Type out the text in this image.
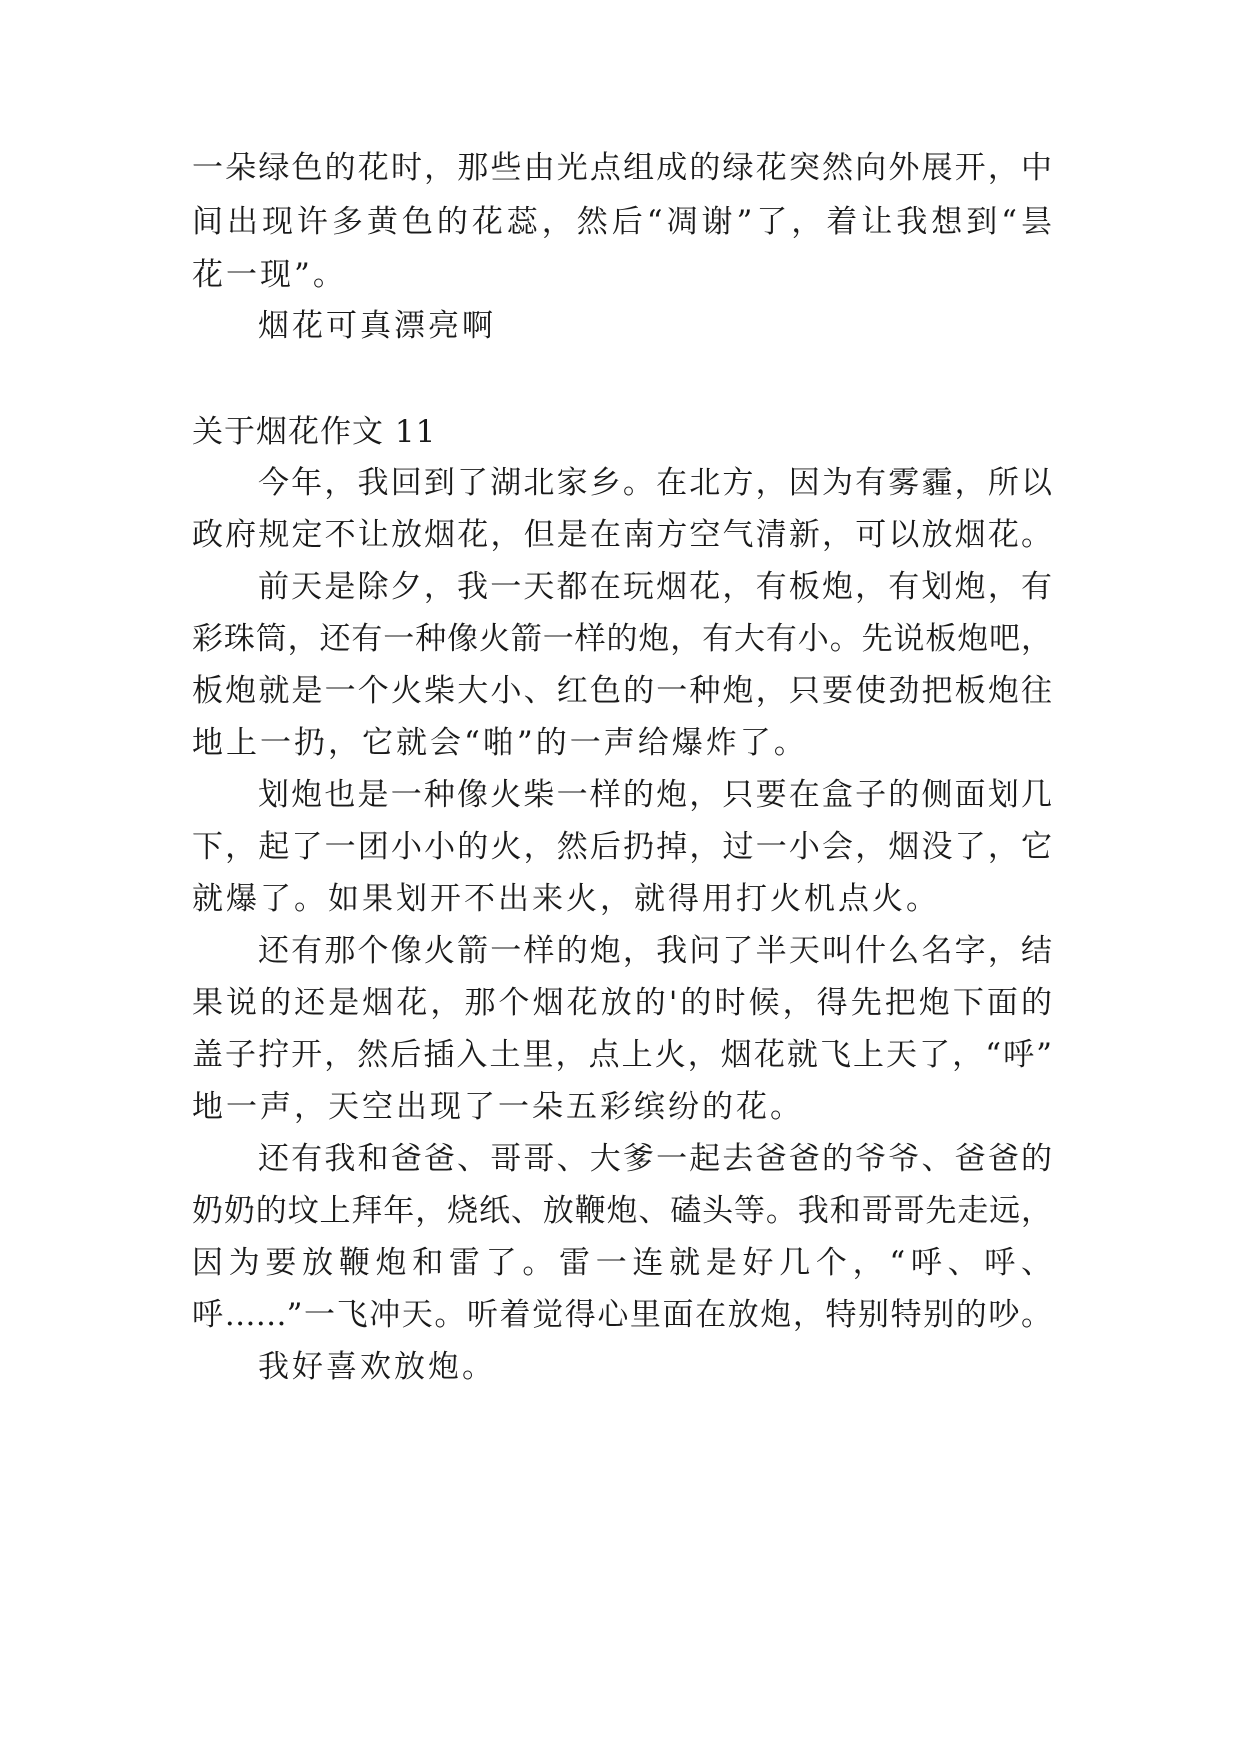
一朵绿色的花时，那些由光点组成的绿花突然向外展开，中
间出现许多黄色的花蕊，然后“凋谢”了，着让我想到“昙
花一现”。
烟花可真漂亮啊
关于烟花作文 11
今年，我回到了湖北家乡。在北方，因为有雾霾，所以
政府规定不让放烟花，但是在南方空气清新，可以放烟花。
前天是除夕，我一天都在玩烟花，有板炮，有划炮，有
彩珠筒，还有一种像火箭一样的炮，有大有小。先说板炮吧，
板炮就是一个火柴大小、红色的一种炮，只要使劲把板炮往
地上一扔，它就会“啪”的一声给爆炸了。
划炮也是一种像火柴一样的炮，只要在盒子的侧面划几
下，起了一团小小的火，然后扔掉，过一小会，烟没了，它
就爆了。如果划开不出来火，就得用打火机点火。
还有那个像火箭一样的炮，我问了半天叫什么名字，结
果说的还是烟花，那个烟花放的'的时候，得先把炮下面的
盖子拧开，然后插入土里，点上火，烟花就飞上天了，“呼”
地一声，天空出现了一朵五彩缤纷的花。
还有我和爸爸、哥哥、大爹一起去爸爸的爷爷、爸爸的
奶奶的坟上拜年，烧纸、放鞭炮、磕头等。我和哥哥先走远，
因为要放鞭炮和雷了。雷一连就是好几个，“呼、呼、
呼……”一飞冲天。听着觉得心里面在放炮，特别特别的吵。
我好喜欢放炮。
